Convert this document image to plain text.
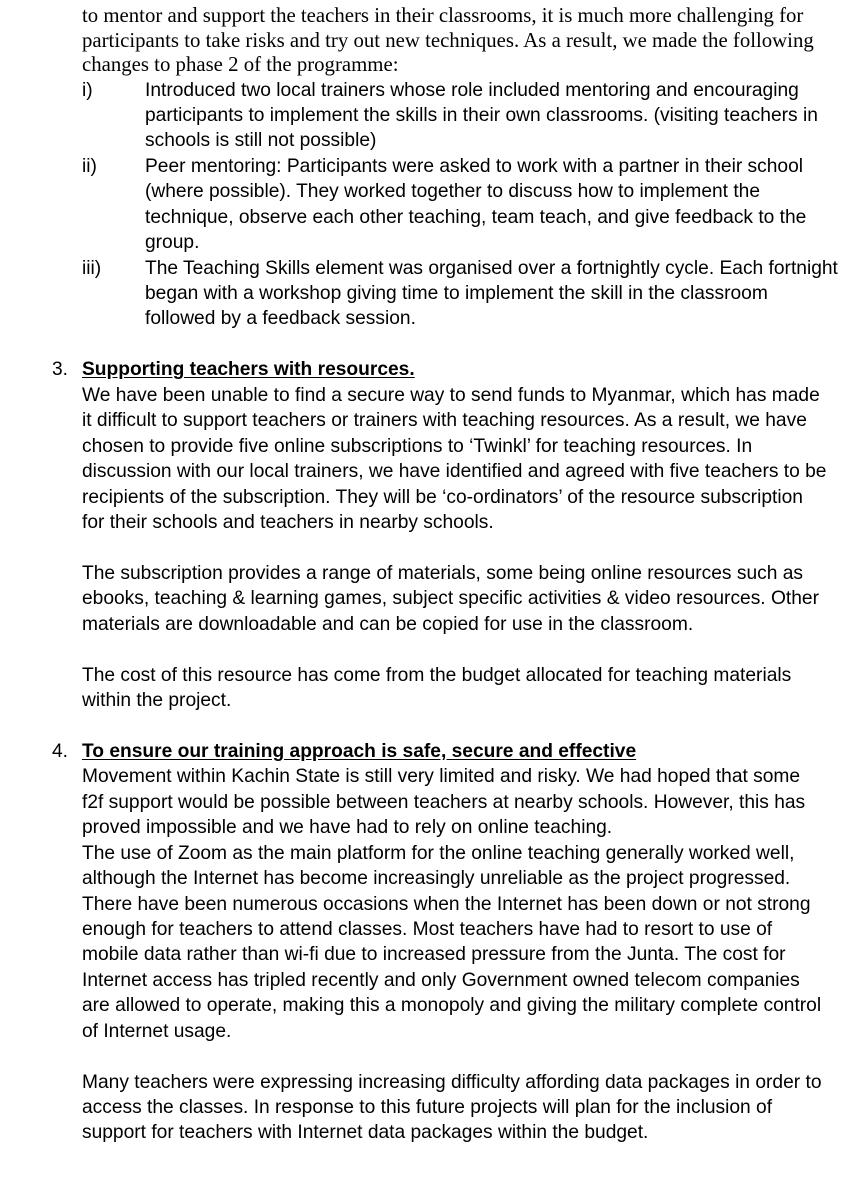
to mentor and support the teachers in their classrooms, it is much more challenging for
participants to take risks and try out new techniques. As a result, we made the following
changes to phase 2 of the programme:
i)	Introduced two local trainers whose role included mentoring and encouraging
participants to implement the skills in their own classrooms. (visiting teachers in
schools is still not possible)
ii)	Peer mentoring: Participants were asked to work with a partner in their school
(where possible). They worked together to discuss how to implement the
technique, observe each other teaching, team teach, and give feedback to the
group.
iii)	The Teaching Skills element was organised over a fortnightly cycle. Each fortnight
began with a workshop giving time to implement the skill in the classroom
followed by a feedback session.
3. Supporting teachers with resources.
We have been unable to find a secure way to send funds to Myanmar, which has made
it difficult to support teachers or trainers with teaching resources. As a result, we have
chosen to provide five online subscriptions to ‘Twinkl’ for teaching resources. In
discussion with our local trainers, we have identified and agreed with five teachers to be
recipients of the subscription. They will be ‘co-ordinators’ of the resource subscription
for their schools and teachers in nearby schools.
The subscription provides a range of materials, some being online resources such as
ebooks, teaching & learning games, subject specific activities & video resources. Other
materials are downloadable and can be copied for use in the classroom.
The cost of this resource has come from the budget allocated for teaching materials
within the project.
4. To ensure our training approach is safe, secure and effective
Movement within Kachin State is still very limited and risky. We had hoped that some
f2f support would be possible between teachers at nearby schools. However, this has
proved impossible and we have had to rely on online teaching.
The use of Zoom as the main platform for the online teaching generally worked well,
although the Internet has become increasingly unreliable as the project progressed.
There have been numerous occasions when the Internet has been down or not strong
enough for teachers to attend classes. Most teachers have had to resort to use of
mobile data rather than wi-fi due to increased pressure from the Junta. The cost for
Internet access has tripled recently and only Government owned telecom companies
are allowed to operate, making this a monopoly and giving the military complete control
of Internet usage.
Many teachers were expressing increasing difficulty affording data packages in order to
access the classes. In response to this future projects will plan for the inclusion of
support for teachers with Internet data packages within the budget.
